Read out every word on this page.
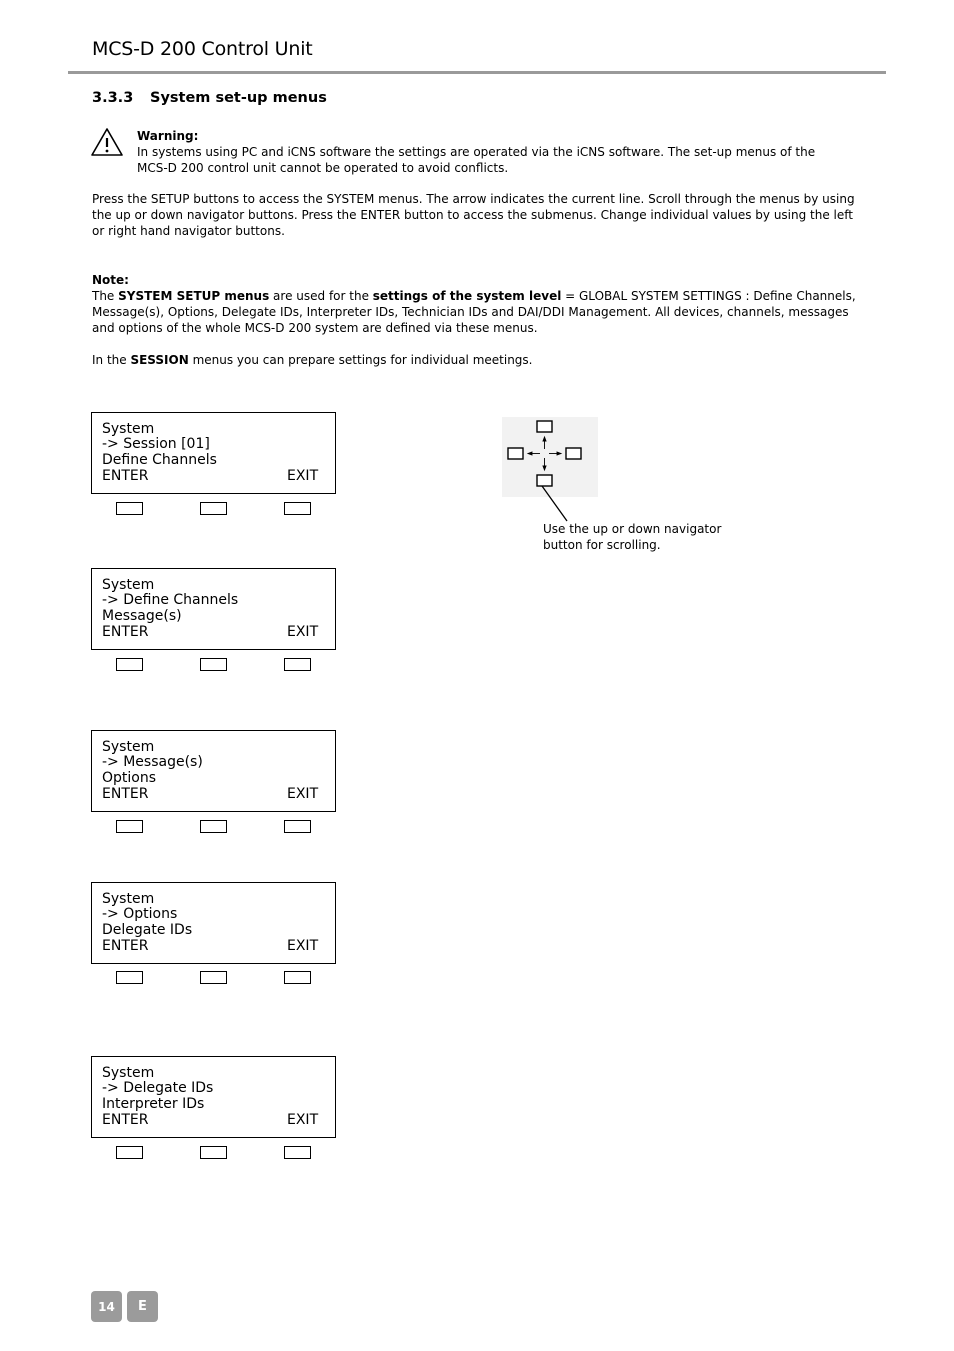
MCS-D 200 Control Unit
3.3.3 System set-up menus
Warning:
In systems using PC and iCNS software the settings are operated via the iCNS software. The set-up menus of the MCS-D 200 control unit cannot be operated to avoid conflicts.
Press the SETUP buttons to access the SYSTEM menus. The arrow indicates the current line. Scroll through the menus by using the up or down navigator buttons. Press the ENTER button to access the submenus. Change individual values by using the left or right hand navigator buttons.
Note:
The SYSTEM SETUP menus are used for the settings of the system level = GLOBAL SYSTEM SETTINGS : Define Channels, Message(s), Options, Delegate IDs, Interpreter IDs, Technician IDs and DAI/DDI Management. All devices, channels, messages and options of the whole MCS-D 200 system are defined via these menus.
In the SESSION menus you can prepare settings for individual meetings.
System
-> Session [01]
Define Channels
ENTER	EXIT
System
-> Define Channels
Message(s)
ENTER	EXIT
System
-> Message(s)
Options
ENTER	EXIT
System
-> Options
Delegate IDs
ENTER	EXIT
System
-> Delegate IDs
Interpreter IDs
ENTER	EXIT
Use the up or down navigator button for scrolling.
14	E
